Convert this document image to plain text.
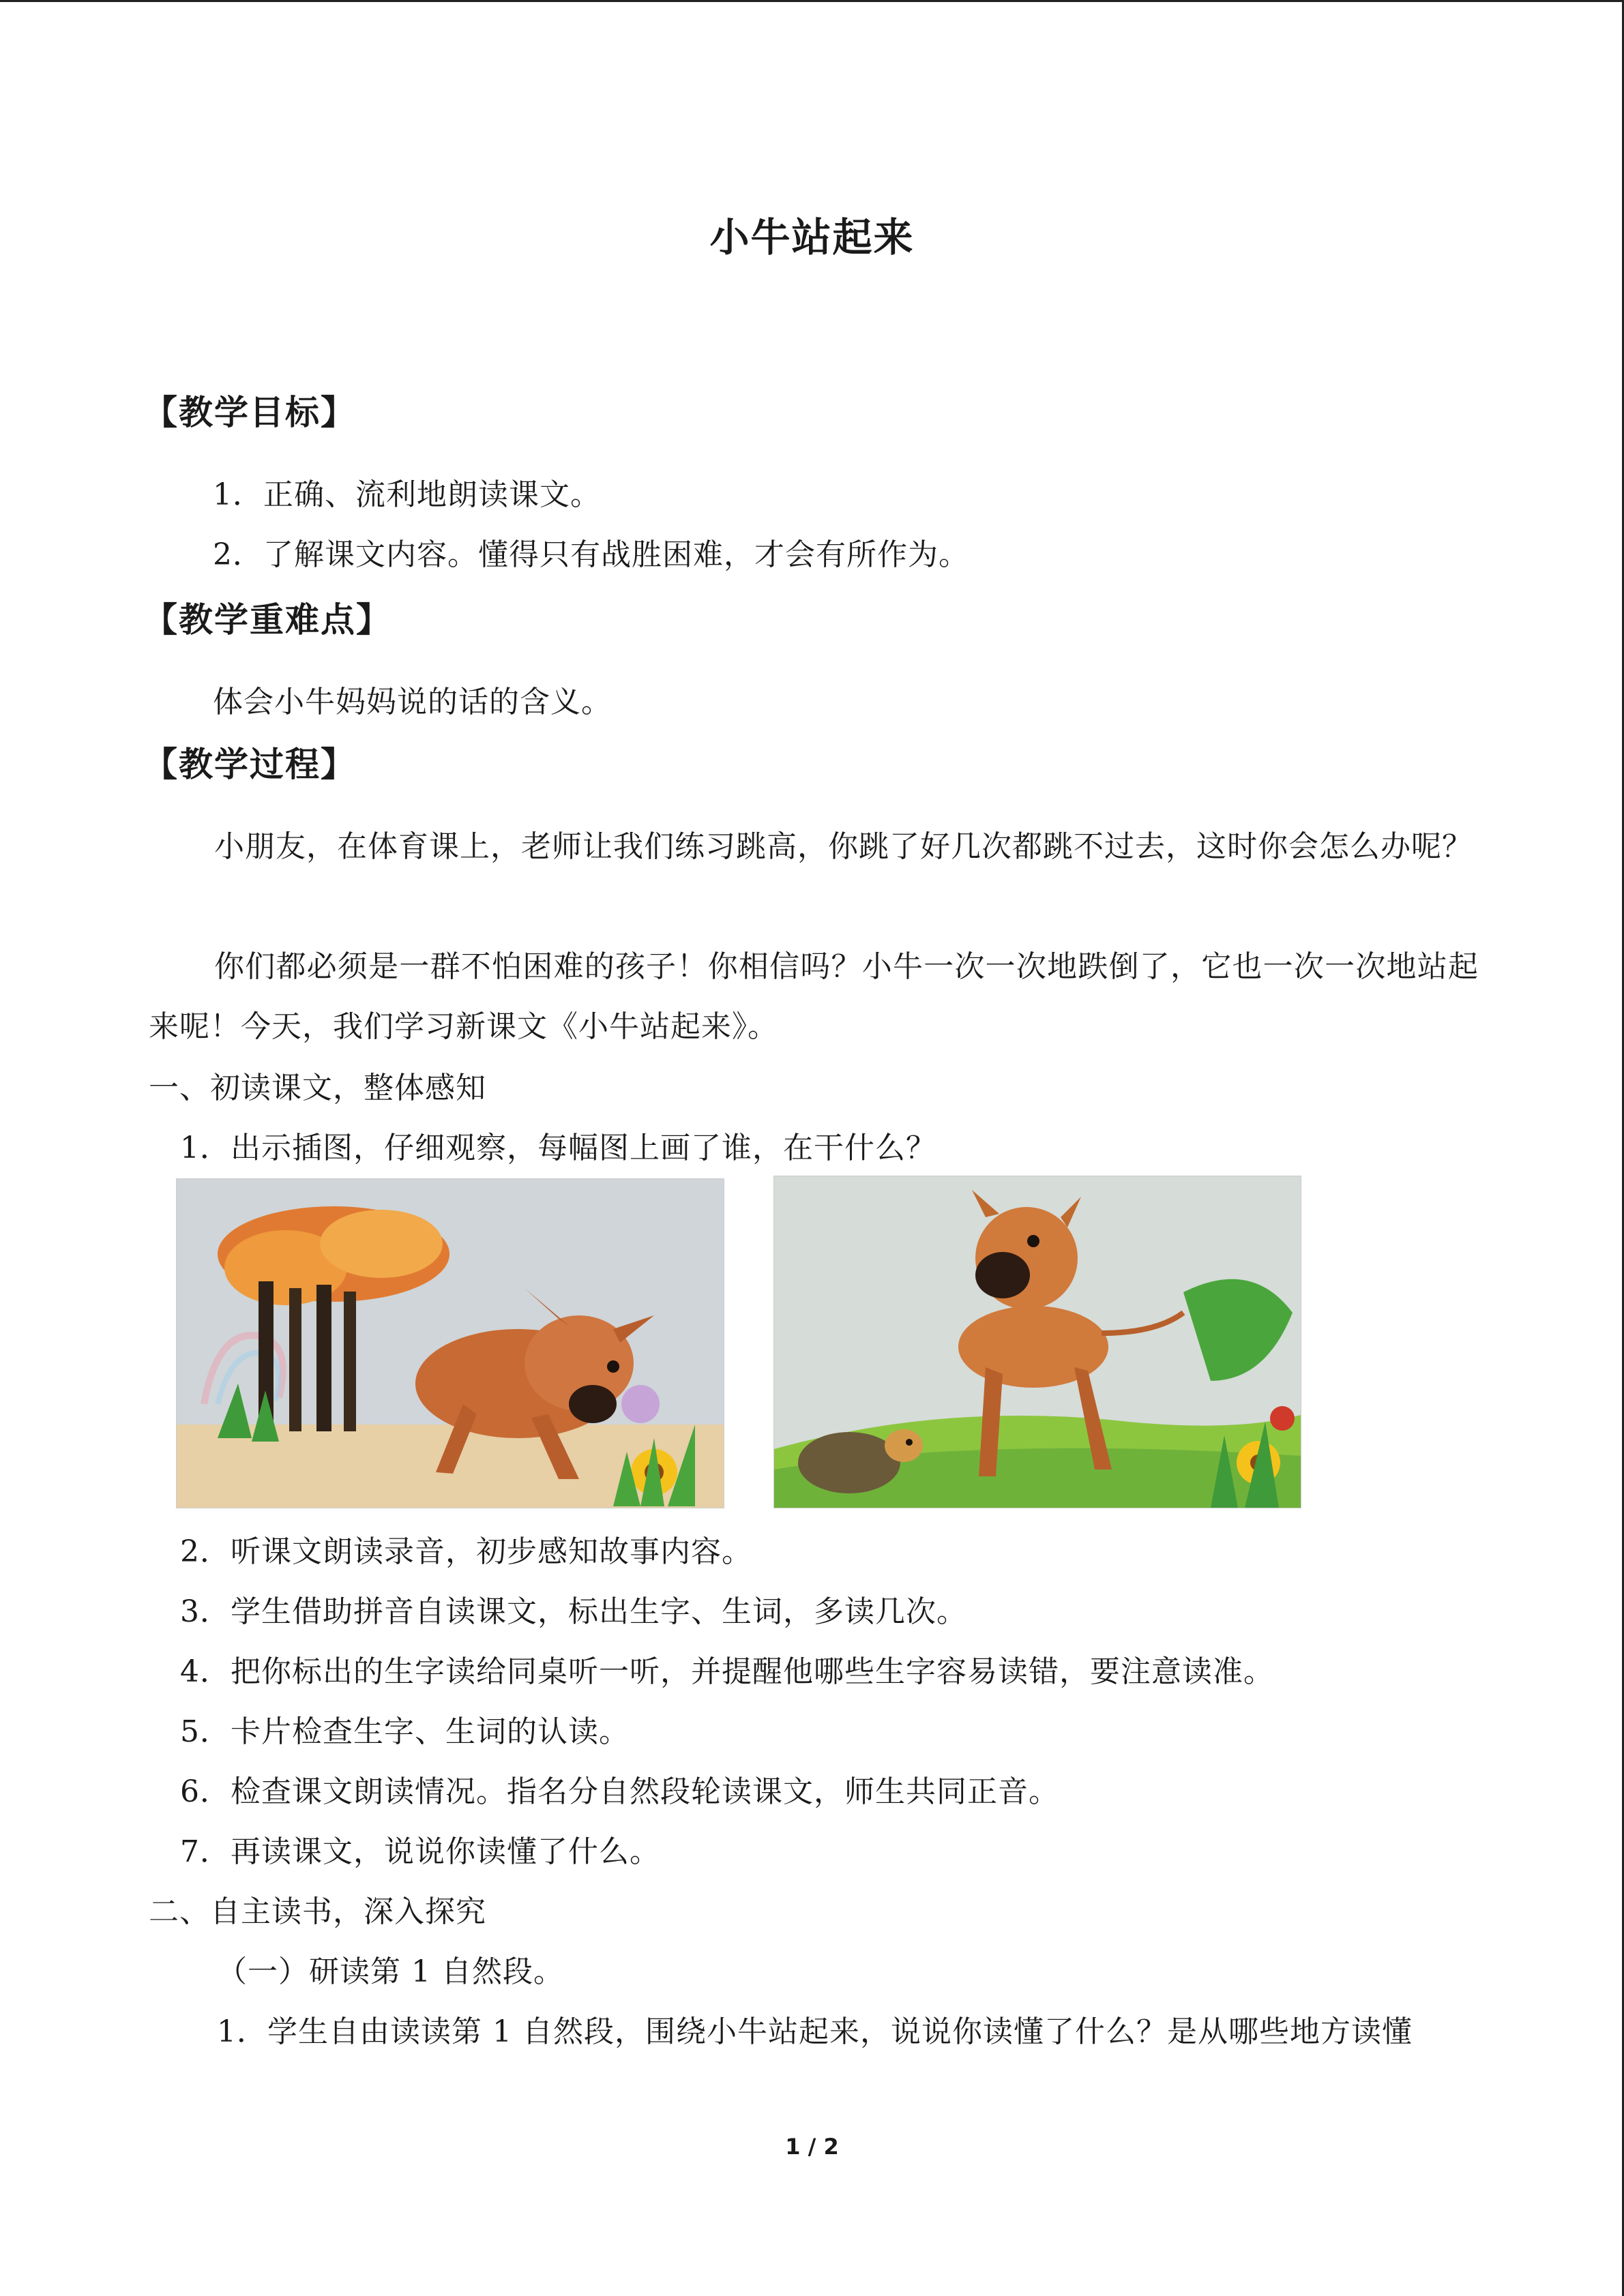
小牛站起来
【教学目标】
1．正确、流利地朗读课文。
2．了解课文内容。懂得只有战胜困难，才会有所作为。
【教学重难点】
体会小牛妈妈说的话的含义。
【教学过程】
小朋友，在体育课上，老师让我们练习跳高，你跳了好几次都跳不过去，这时你会怎么办呢？
你们都必须是一群不怕困难的孩子！你相信吗？小牛一次一次地跌倒了，它也一次一次地站起来呢！今天，我们学习新课文《小牛站起来》。
一、初读课文，整体感知
1．出示插图，仔细观察，每幅图上画了谁，在干什么？
2．听课文朗读录音，初步感知故事内容。
3．学生借助拼音自读课文，标出生字、生词，多读几次。
4．把你标出的生字读给同桌听一听，并提醒他哪些生字容易读错，要注意读准。
5．卡片检查生字、生词的认读。
6．检查课文朗读情况。指名分自然段轮读课文，师生共同正音。
7．再读课文，说说你读懂了什么。
二、自主读书，深入探究
（一）研读第 1 自然段。
1．学生自由读读第 1 自然段，围绕小牛站起来，说说你读懂了什么？是从哪些地方读懂
1 / 2
